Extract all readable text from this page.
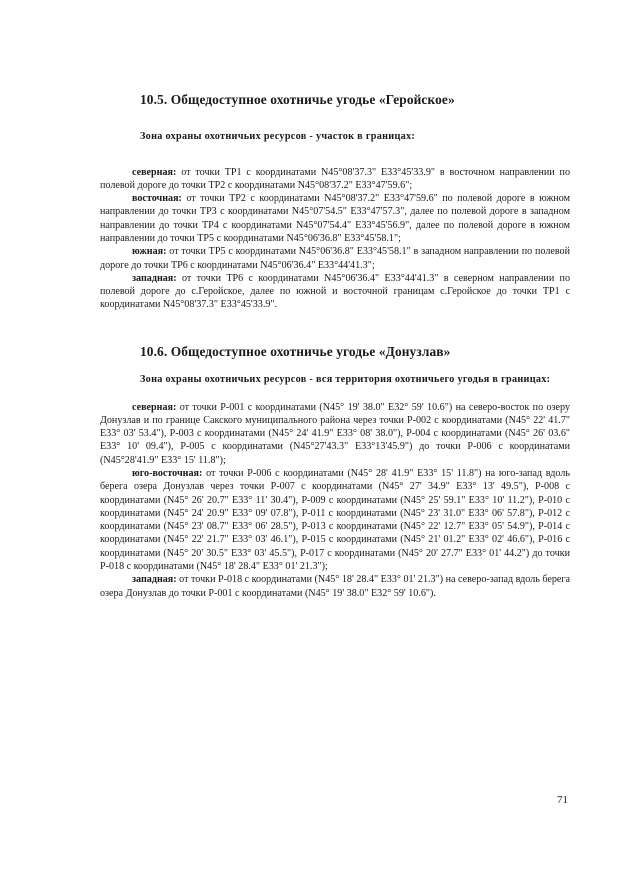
10.5. Общедоступное охотничье угодье «Геройское»

Зона охраны охотничьих ресурсов - участок в границах:

северная: от точки ТР1 с координатами N45°08'37.3" E33°45'33.9" в восточном направлении по полевой дороге до точки ТР2 с координатами N45°08'37.2" E33°47'59.6";

восточная: от точки ТР2 с координатами N45°08'37.2" E33°47'59.6" по полевой дороге в южном направлении до точки ТР3 с координатами N45°07'54.5" E33°47'57.3", далее по полевой дороге в западном направлении до точки ТР4 с координатами N45°07'54.4" E33°45'56.9", далее по полевой дороге в южном направлении до точки ТР5 с координатами N45°06'36.8" E33°45'58.1";

южная: от точки ТР5 с координатами N45°06'36.8" E33°45'58.1" в западном направлении по полевой дороге до точки ТР6 с координатами N45°06'36.4" E33°44'41.3";

западная: от точки ТР6 с координатами N45°06'36.4" E33°44'41.3" в северном направлении по полевой дороге до с.Геройское, далее по южной и восточной границам с.Геройское до точки ТР1 с координатами N45°08'37.3" E33°45'33.9".

10.6. Общедоступное охотничье угодье «Донузлав»

Зона охраны охотничьих ресурсов - вся территория охотничьего угодья в границах:

северная: от точки Р-001 с координатами (N45° 19' 38.0" E32° 59' 10.6") на северо-восток по озеру Донузлав и по границе Сакского муниципального района через точки Р-002 с координатами (N45° 22' 41.7" E33° 03' 53.4"), Р-003 с координатами (N45° 24' 41.9" E33° 08' 38.0"), Р-004 с координатами (N45° 26' 03.6" E33° 10' 09.4"), Р-005 с координатами (N45°27'43.3" E33°13'45.9") до точки Р-006 с координатами (N45°28'41.9" E33° 15' 11.8");

юго-восточная: от точки Р-006 с координатами (N45° 28' 41.9" E33° 15' 11.8") на юго-запад вдоль берега озера Донузлав через точки Р-007 с координатами (N45° 27' 34.9" E33° 13' 49.5"), Р-008 с координатами (N45° 26' 20.7" E33° 11' 30.4"), Р-009 с координатами (N45° 25' 59.1" E33° 10' 11.2"), Р-010 с координатами (N45° 24' 20.9" E33° 09' 07.8"), Р-011 с координатами (N45° 23' 31.0" E33° 06' 57.8"), Р-012 с координатами (N45° 23' 08.7" E33° 06' 28.5"), Р-013 с координатами (N45° 22' 12.7" E33° 05' 54.9"), Р-014 с координатами (N45° 22' 21.7" E33° 03' 46.1"), Р-015 с координатами (N45° 21' 01.2" E33° 02' 46.6"), Р-016 с координатами (N45° 20' 30.5" E33° 03' 45.5"), Р-017 с координатами (N45° 20' 27.7" E33° 01' 44.2") до точки Р-018 с координатами (N45° 18' 28.4" E33° 01' 21.3");

западная: от точки Р-018 с координатами (N45° 18' 28.4" E33° 01' 21.3") на северо-запад вдоль берега озера Донузлав до точки Р-001 с координатами (N45° 19' 38.0" E32° 59' 10.6").

71
